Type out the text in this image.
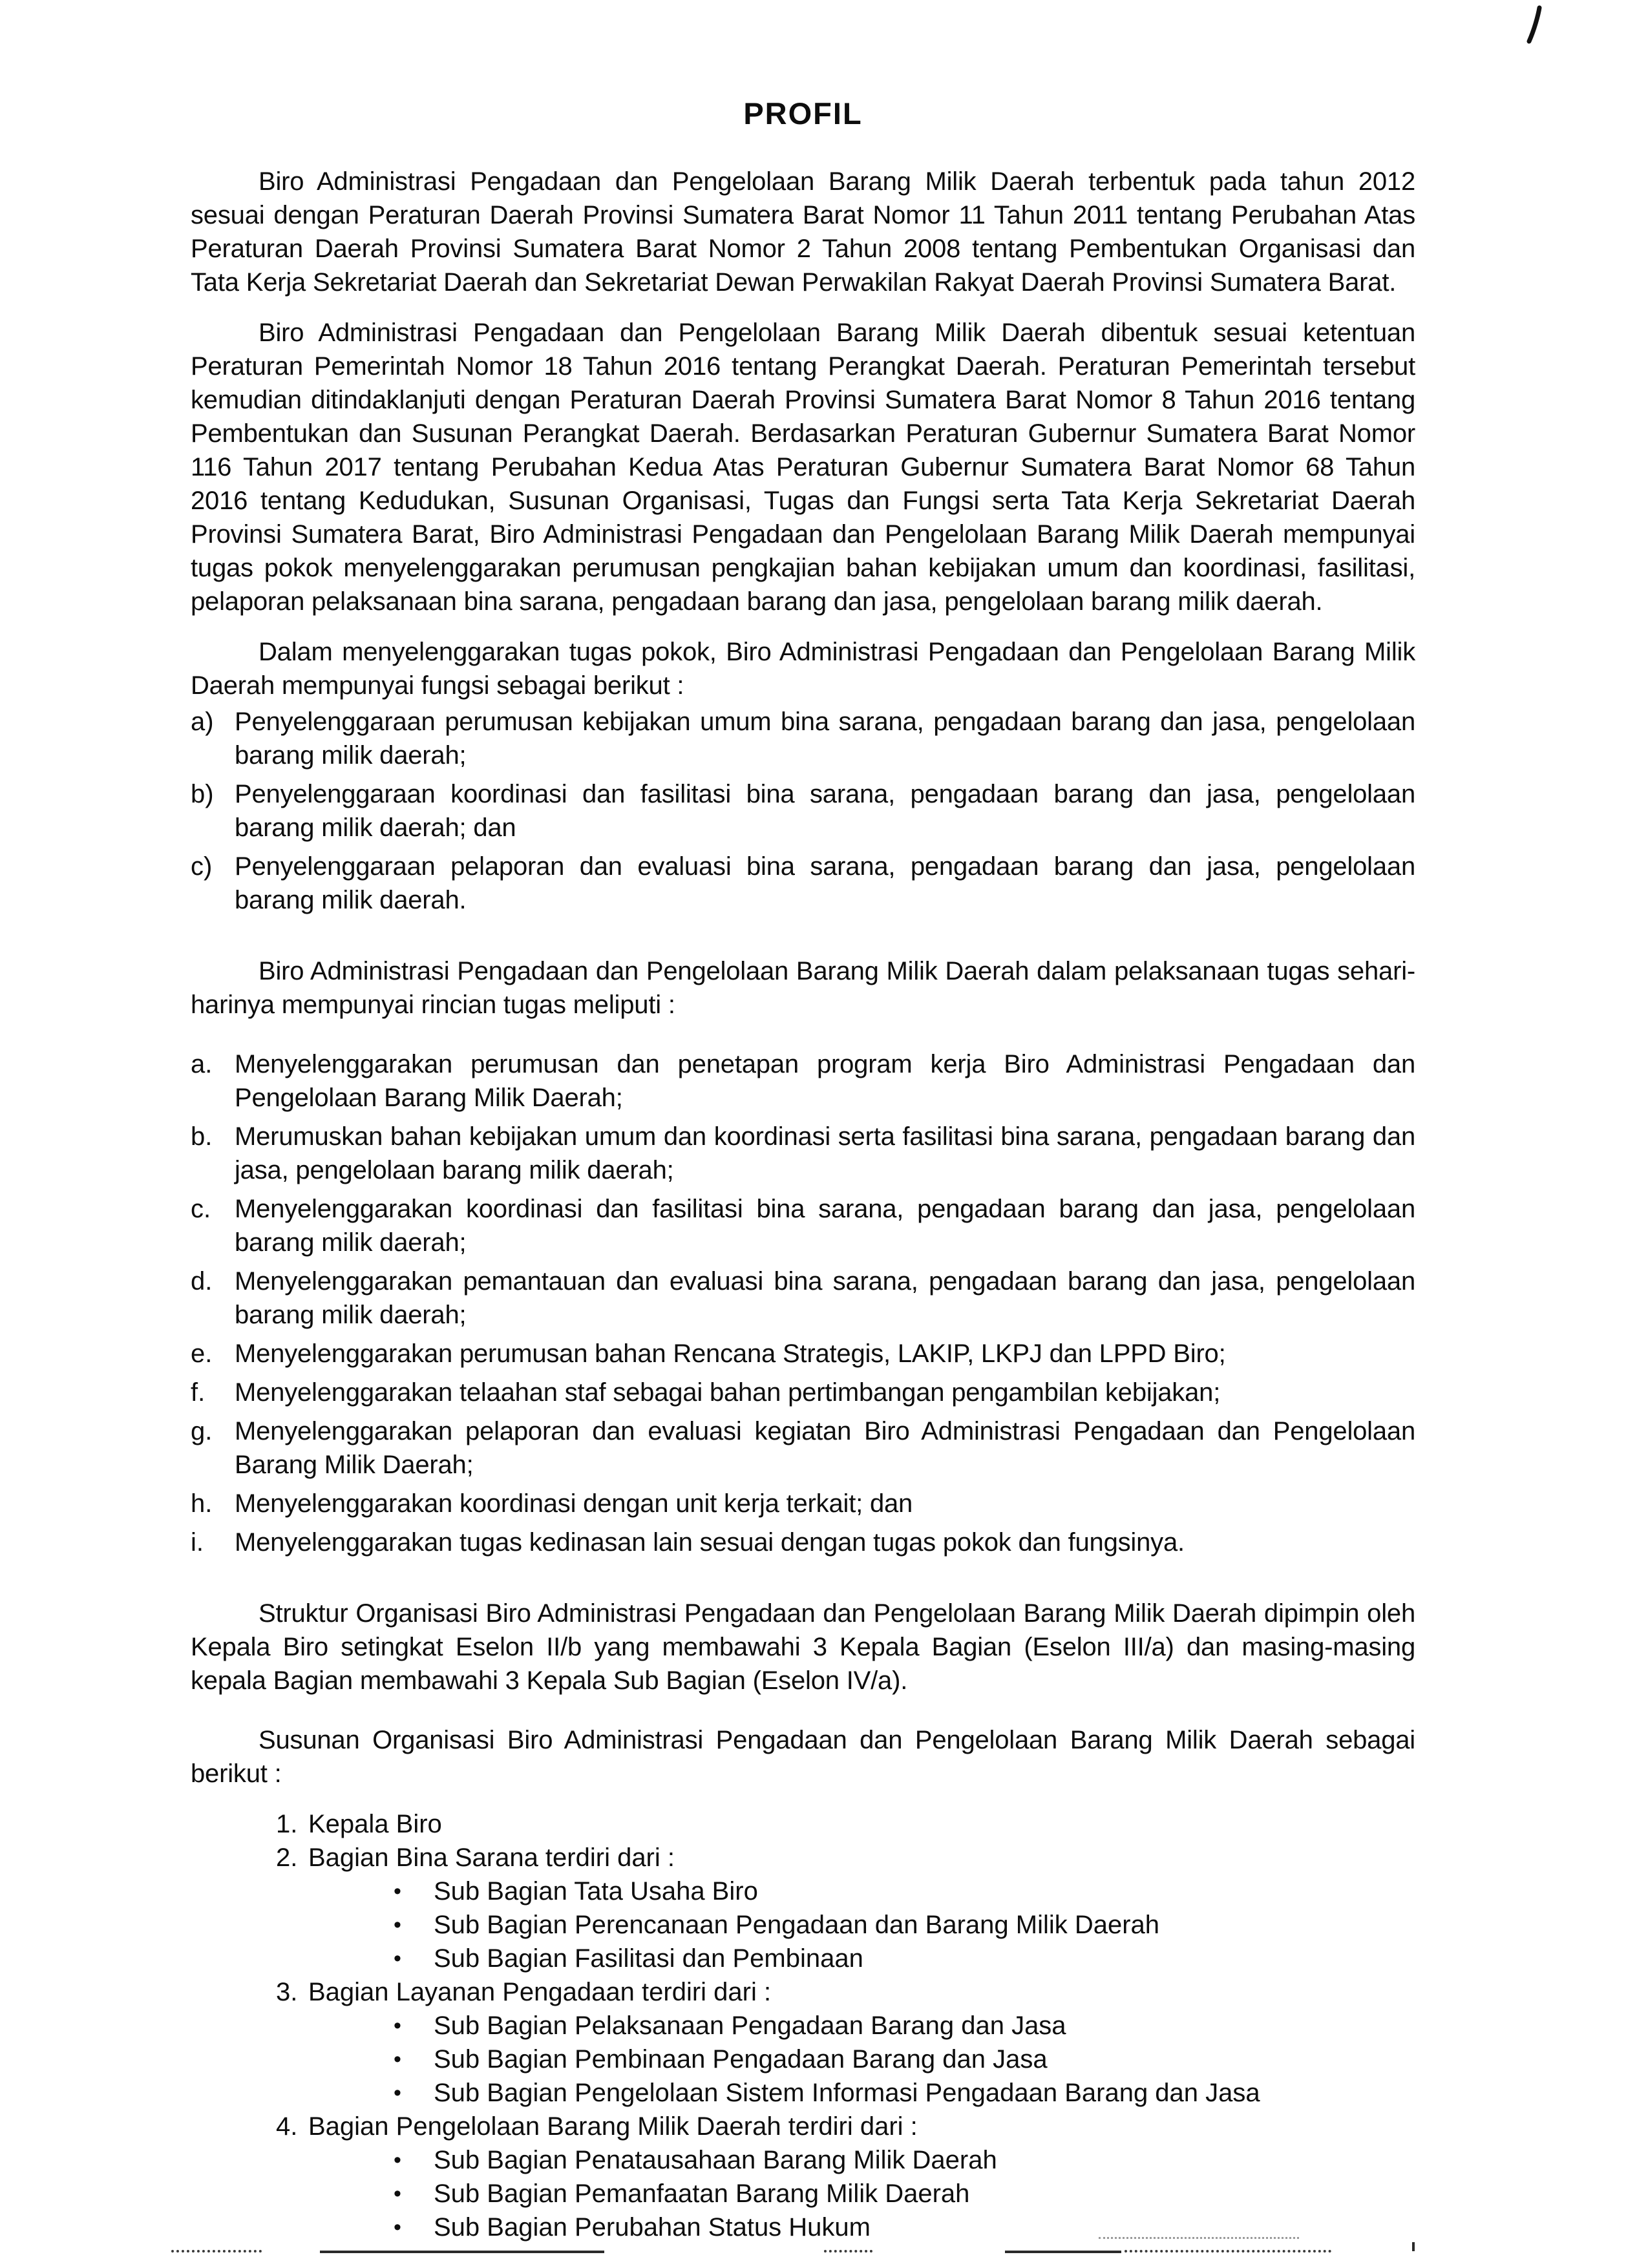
PROFIL

Biro Administrasi Pengadaan dan Pengelolaan Barang Milik Daerah terbentuk pada tahun 2012 sesuai dengan Peraturan Daerah Provinsi Sumatera Barat Nomor 11 Tahun 2011 tentang Perubahan Atas Peraturan Daerah Provinsi Sumatera Barat Nomor 2 Tahun 2008 tentang Pembentukan Organisasi dan Tata Kerja Sekretariat Daerah dan Sekretariat Dewan Perwakilan Rakyat Daerah Provinsi Sumatera Barat.

Biro Administrasi Pengadaan dan Pengelolaan Barang Milik Daerah dibentuk sesuai ketentuan Peraturan Pemerintah Nomor 18 Tahun 2016 tentang Perangkat Daerah. Peraturan Pemerintah tersebut kemudian ditindaklanjuti dengan Peraturan Daerah Provinsi Sumatera Barat Nomor 8 Tahun 2016 tentang Pembentukan dan Susunan Perangkat Daerah. Berdasarkan Peraturan Gubernur Sumatera Barat Nomor 116 Tahun 2017 tentang Perubahan Kedua Atas Peraturan Gubernur Sumatera Barat Nomor 68 Tahun 2016 tentang Kedudukan, Susunan Organisasi, Tugas dan Fungsi serta Tata Kerja Sekretariat Daerah Provinsi Sumatera Barat, Biro Administrasi Pengadaan dan Pengelolaan Barang Milik Daerah mempunyai tugas pokok menyelenggarakan perumusan pengkajian bahan kebijakan umum dan koordinasi, fasilitasi, pelaporan pelaksanaan bina sarana, pengadaan barang dan jasa, pengelolaan barang milik daerah.

Dalam menyelenggarakan tugas pokok, Biro Administrasi Pengadaan dan Pengelolaan Barang Milik Daerah mempunyai fungsi sebagai berikut :

a) Penyelenggaraan perumusan kebijakan umum bina sarana, pengadaan barang dan jasa, pengelolaan barang milik daerah;
b) Penyelenggaraan koordinasi dan fasilitasi bina sarana, pengadaan barang dan jasa, pengelolaan barang milik daerah; dan
c) Penyelenggaraan pelaporan dan evaluasi bina sarana, pengadaan barang dan jasa, pengelolaan barang milik daerah.

Biro Administrasi Pengadaan dan Pengelolaan Barang Milik Daerah dalam pelaksanaan tugas sehari-harinya mempunyai rincian tugas meliputi :

a. Menyelenggarakan perumusan dan penetapan program kerja Biro Administrasi Pengadaan dan Pengelolaan Barang Milik Daerah;
b. Merumuskan bahan kebijakan umum dan koordinasi serta fasilitasi bina sarana, pengadaan barang dan jasa, pengelolaan barang milik daerah;
c. Menyelenggarakan koordinasi dan fasilitasi bina sarana, pengadaan barang dan jasa, pengelolaan barang milik daerah;
d. Menyelenggarakan pemantauan dan evaluasi bina sarana, pengadaan barang dan jasa, pengelolaan barang milik daerah;
e. Menyelenggarakan perumusan bahan Rencana Strategis, LAKIP, LKPJ dan LPPD Biro;
f.	Menyelenggarakan telaahan staf sebagai bahan pertimbangan pengambilan kebijakan;
g. Menyelenggarakan pelaporan dan evaluasi kegiatan Biro Administrasi Pengadaan dan Pengelolaan Barang Milik Daerah;
h. Menyelenggarakan koordinasi dengan unit kerja terkait; dan
i.	Menyelenggarakan tugas kedinasan lain sesuai dengan tugas pokok dan fungsinya.

Struktur Organisasi Biro Administrasi Pengadaan dan Pengelolaan Barang Milik Daerah dipimpin oleh Kepala Biro setingkat Eselon II/b yang membawahi 3 Kepala Bagian (Eselon III/a) dan masing-masing kepala Bagian membawahi 3 Kepala Sub Bagian (Eselon IV/a).

Susunan Organisasi Biro Administrasi Pengadaan dan Pengelolaan Barang Milik Daerah sebagai berikut :

1. Kepala Biro
2. Bagian Bina Sarana terdiri dari :
•	Sub Bagian Tata Usaha Biro
•	Sub Bagian Perencanaan Pengadaan dan Barang Milik Daerah
•	Sub Bagian Fasilitasi dan Pembinaan
3. Bagian Layanan Pengadaan terdiri dari :
•	Sub Bagian Pelaksanaan Pengadaan Barang dan Jasa
•	Sub Bagian Pembinaan Pengadaan Barang dan Jasa
•	Sub Bagian Pengelolaan Sistem Informasi Pengadaan Barang dan Jasa
4. Bagian Pengelolaan Barang Milik Daerah terdiri dari :
•	Sub Bagian Penatausahaan Barang Milik Daerah
•	Sub Bagian Pemanfaatan Barang Milik Daerah
•	Sub Bagian Perubahan Status Hukum
